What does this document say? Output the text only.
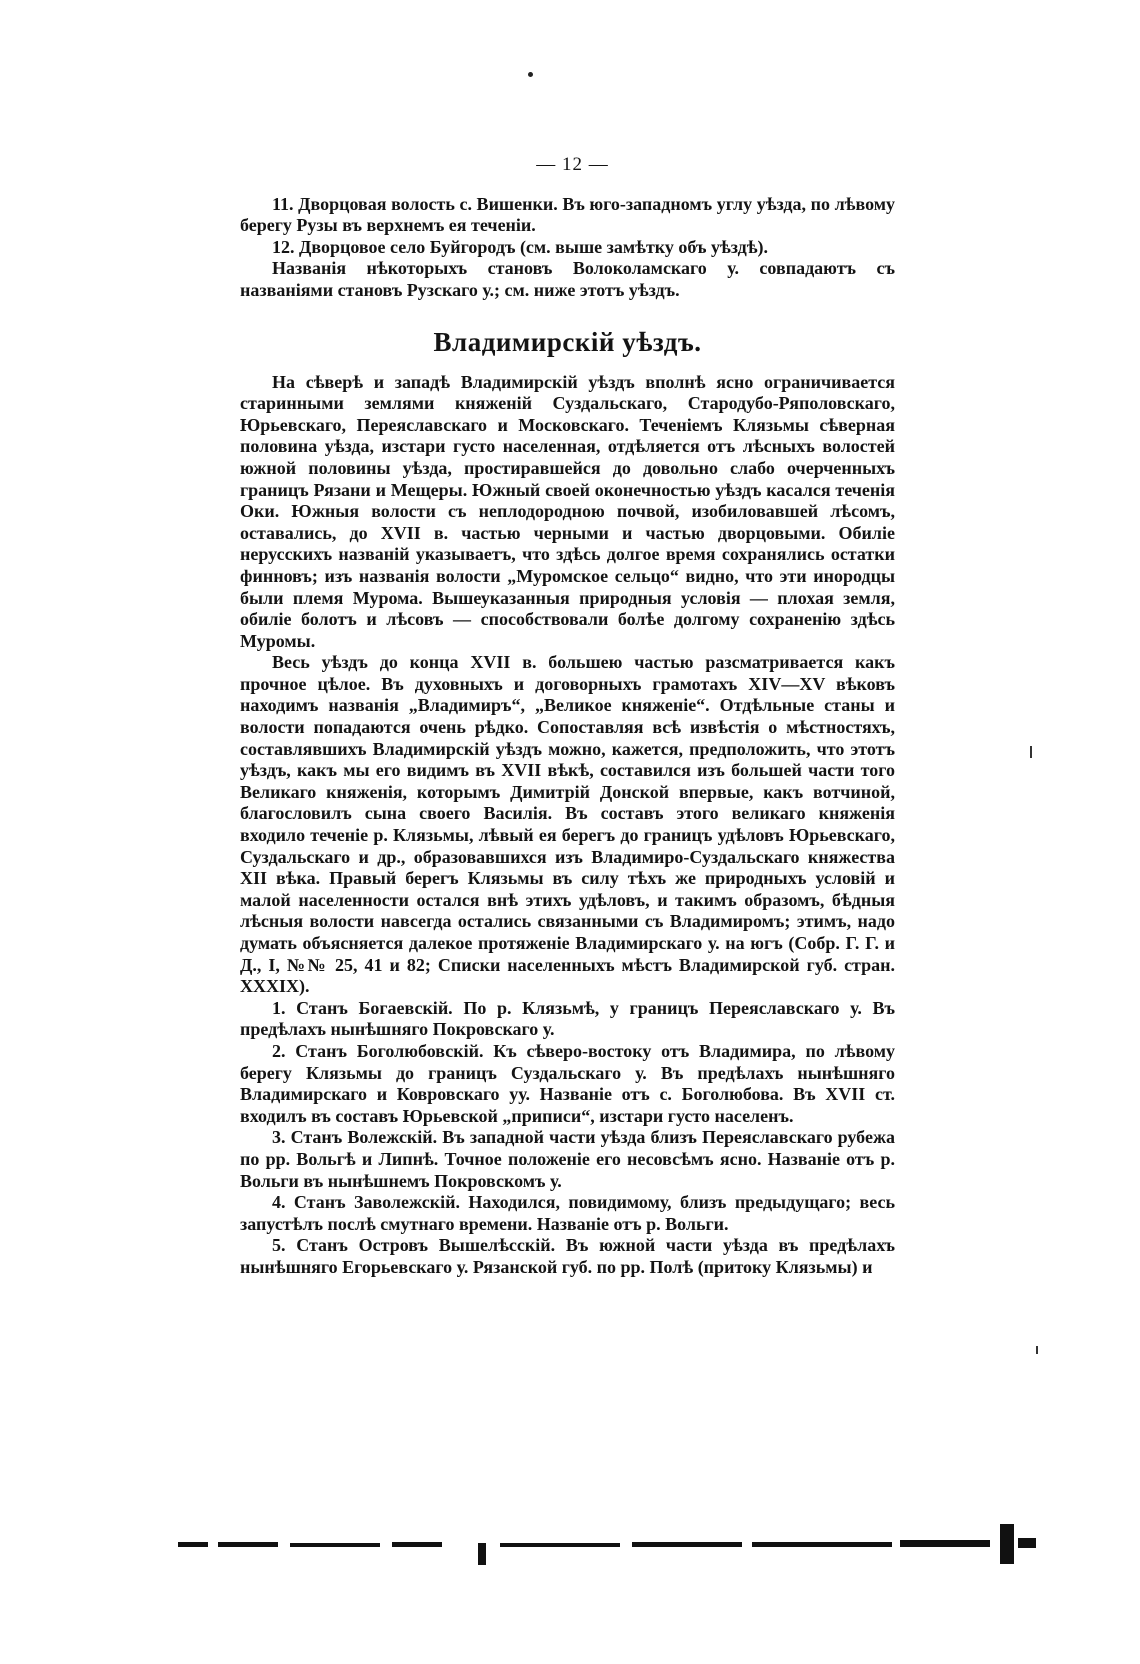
— 12 —

11. Дворцовая волость с. Вишенки. Въ юго-западномъ углу уѣзда, по лѣвому берегу Рузы въ верхнемъ ея теченіи.

12. Дворцовое село Буйгородъ (см. выше замѣтку объ уѣздѣ).

Названія нѣкоторыхъ становъ Волоколамскаго у. совпадаютъ съ названіями становъ Рузскаго у.; см. ниже этотъ уѣздъ.

Владимирскій уѣздъ.

На сѣверѣ и западѣ Владимирскій уѣздъ вполнѣ ясно ограничивается старинными землями княженій Суздальскаго, Стародубо-Ряполовскаго, Юрьевскаго, Переяславскаго и Московскаго. Теченіемъ Клязьмы сѣверная половина уѣзда, изстари густо населенная, отдѣляется отъ лѣсныхъ волостей южной половины уѣзда, простиравшейся до довольно слабо очерченныхъ границъ Рязани и Мещеры. Южный своей оконечностью уѣздъ касался теченія Оки. Южныя волости съ неплодородною почвой, изобиловавшей лѣсомъ, оставались, до XVII в. частью черными и частью дворцовыми. Обиліе нерусскихъ названій указываетъ, что здѣсь долгое время сохранялись остатки финновъ; изъ названія волости „Муромское сельцо“ видно, что эти инородцы были племя Мурома. Вышеуказанныя природныя условія — плохая земля, обиліе болотъ и лѣсовъ — способствовали болѣе долгому сохраненію здѣсь Муромы.

Весь уѣздъ до конца XVII в. большею частью разсматривается какъ прочное цѣлое. Въ духовныхъ и договорныхъ грамотахъ XIV—XV вѣковъ находимъ названія „Владимиръ“, „Великое княженіе“. Отдѣльные станы и волости попадаются очень рѣдко. Сопоставляя всѣ извѣстія о мѣстностяхъ, составлявшихъ Владимирскій уѣздъ можно, кажется, предположить, что этотъ уѣздъ, какъ мы его видимъ въ XVII вѣкѣ, составился изъ большей части того Великаго княженія, которымъ Димитрій Донской впервые, какъ вотчиной, благословилъ сына своего Василія. Въ составъ этого великаго княженія входило теченіе р. Клязьмы, лѣвый ея берегъ до границъ удѣловъ Юрьевскаго, Суздальскаго и др., образовавшихся изъ Владимиро-Суздальскаго княжества XII вѣка. Правый берегъ Клязьмы въ силу тѣхъ же природныхъ условій и малой населенности остался внѣ этихъ удѣловъ, и такимъ образомъ, бѣдныя лѣсныя волости навсегда остались связанными съ Владимиромъ; этимъ, надо думать объясняется далекое протяженіе Владимирскаго у. на югъ (Собр. Г. Г. и Д., I, №№ 25, 41 и 82; Списки населенныхъ мѣстъ Владимирской губ. стран. XXXIX).

1. Станъ Богаевскій. По р. Клязьмѣ, у границъ Переяславскаго у. Въ предѣлахъ нынѣшняго Покровскаго у.

2. Станъ Боголюбовскій. Къ сѣверо-востоку отъ Владимира, по лѣвому берегу Клязьмы до границъ Суздальскаго у. Въ предѣлахъ нынѣшняго Владимирскаго и Ковровскаго уу. Названіе отъ с. Боголюбова. Въ XVII ст. входилъ въ составъ Юрьевской „приписи“, изстари густо населенъ.

3. Станъ Волежскій. Въ западной части уѣзда близъ Переяславскаго рубежа по рр. Вольгѣ и Липнѣ. Точное положеніе его несовсѣмъ ясно. Названіе отъ р. Вольги въ нынѣшнемъ Покровскомъ у.

4. Станъ Заволежскій. Находился, повидимому, близъ предыдущаго; весь запустѣлъ послѣ смутнаго времени. Названіе отъ р. Вольги.

5. Станъ Островъ Вышелѣсскій. Въ южной части уѣзда въ предѣлахъ нынѣшняго Егорьевскаго у. Рязанской губ. по рр. Полѣ (притоку Клязьмы) и
